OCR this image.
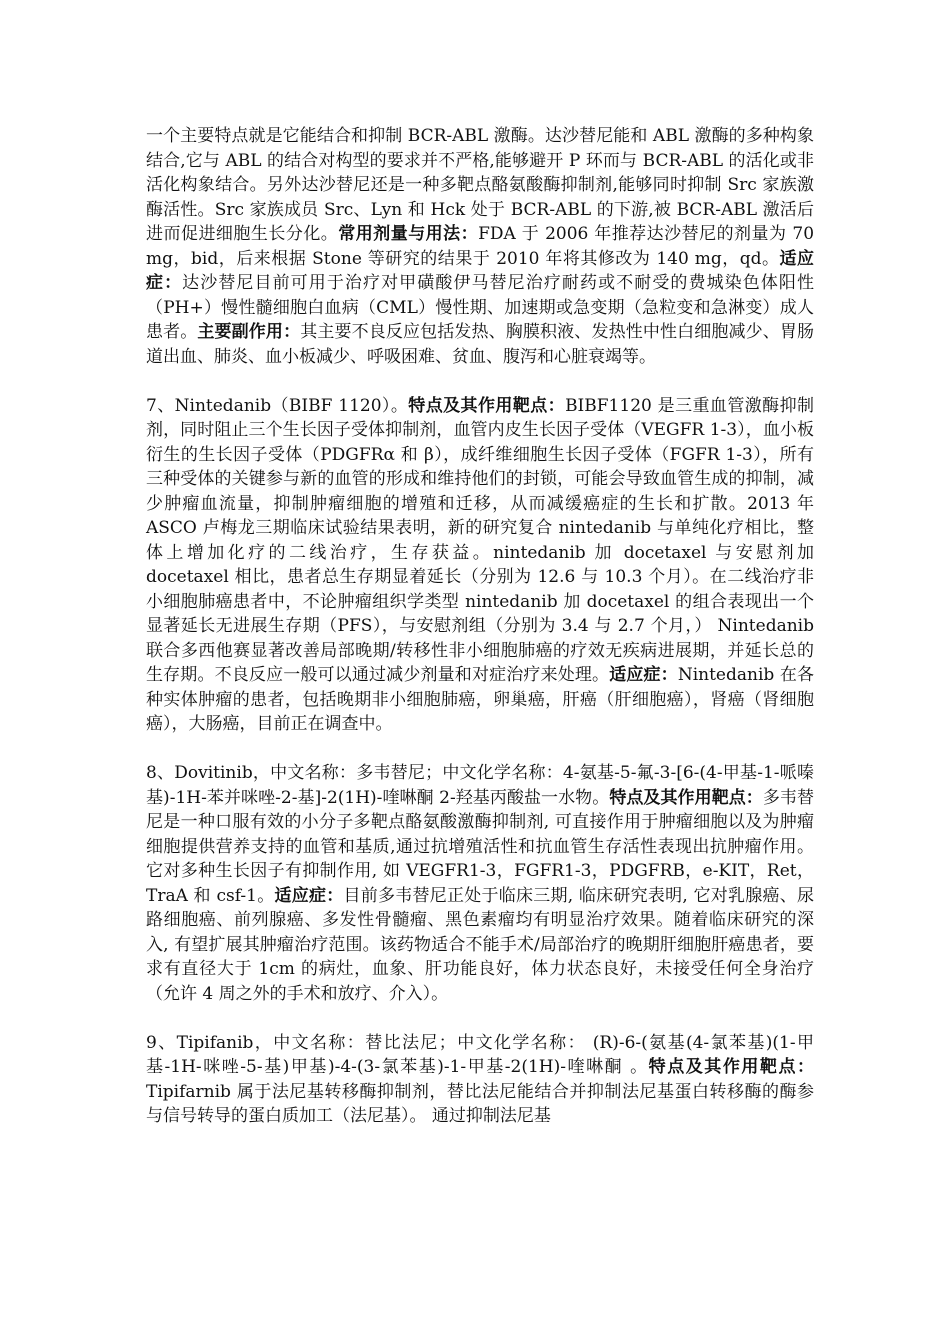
一个主要特点就是它能结合和抑制 BCR-ABL 激酶。达沙替尼能和 ABL 激酶的多种构象结合,它与 ABL 的结合对构型的要求并不严格,能够避开 P 环而与 BCR-ABL 的活化或非活化构象结合。另外达沙替尼还是一种多靶点酪氨酸酶抑制剂,能够同时抑制 Src 家族激酶活性。Src 家族成员 Src、Lyn 和 Hck 处于 BCR-ABL 的下游,被 BCR-ABL 激活后进而促进细胞生长分化。常用剂量与用法：FDA 于 2006 年推荐达沙替尼的剂量为 70 mg，bid，后来根据 Stone 等研究的结果于 2010 年将其修改为 140 mg，qd。适应症：达沙替尼目前可用于治疗对甲磺酸伊马替尼治疗耐药或不耐受的费城染色体阳性（PH+）慢性髓细胞白血病（CML）慢性期、加速期或急变期（急粒变和急淋变）成人患者。主要副作用：其主要不良反应包括发热、胸膜积液、发热性中性白细胞减少、胃肠道出血、肺炎、血小板减少、呼吸困难、贫血、腹泻和心脏衰竭等。

7、Nintedanib（BIBF 1120）。特点及其作用靶点：BIBF1120 是三重血管激酶抑制剂，同时阻止三个生长因子受体抑制剂，血管内皮生长因子受体（VEGFR 1-3），血小板衍生的生长因子受体（PDGFRα 和 β），成纤维细胞生长因子受体（FGFR 1-3），所有三种受体的关键参与新的血管的形成和维持他们的封锁，可能会导致血管生成的抑制，减少肿瘤血流量，抑制肿瘤细胞的增殖和迁移，从而减缓癌症的生长和扩散。2013 年 ASCO 卢梅龙三期临床试验结果表明，新的研究复合 nintedanib 与单纯化疗相比，整体上增加化疗的二线治疗，生存获益。nintedanib 加 docetaxel 与安慰剂加 docetaxel 相比，患者总生存期显着延长（分别为 12.6 与 10.3 个月）。在二线治疗非小细胞肺癌患者中，不论肿瘤组织学类型 nintedanib 加 docetaxel 的组合表现出一个显著延长无进展生存期（PFS），与安慰剂组（分别为 3.4 与 2.7 个月，） Nintedanib 联合多西他赛显著改善局部晚期/转移性非小细胞肺癌的疗效无疾病进展期，并延长总的生存期。不良反应一般可以通过减少剂量和对症治疗来处理。适应症：Nintedanib 在各种实体肿瘤的患者，包括晚期非小细胞肺癌，卵巢癌，肝癌（肝细胞癌），肾癌（肾细胞癌），大肠癌，目前正在调查中。

8、Dovitinib，中文名称：多韦替尼；中文化学名称：4-氨基-5-氟-3-[6-(4-甲基-1-哌嗪基)-1H-苯并咪唑-2-基]-2(1H)-喹啉酮 2-羟基丙酸盐一水物。特点及其作用靶点：多韦替尼是一种口服有效的小分子多靶点酪氨酸激酶抑制剂, 可直接作用于肿瘤细胞以及为肿瘤细胞提供营养支持的血管和基质,通过抗增殖活性和抗血管生存活性表现出抗肿瘤作用。 它对多种生长因子有抑制作用, 如 VEGFR1-3，FGFR1-3，PDGFRB，e-KIT，Ret，TraA 和 csf-1。适应症：目前多韦替尼正处于临床三期, 临床研究表明, 它对乳腺癌、尿路细胞癌、前列腺癌、多发性骨髓瘤、黑色素瘤均有明显治疗效果。随着临床研究的深入, 有望扩展其肿瘤治疗范围。该药物适合不能手术/局部治疗的晚期肝细胞肝癌患者，要求有直径大于 1cm 的病灶，血象、肝功能良好，体力状态良好，未接受任何全身治疗（允许 4 周之外的手术和放疗、介入）。

9、Tipifanib，中文名称：替比法尼；中文化学名称： (R)-6-(氨基(4-氯苯基)(1-甲基-1H-咪唑-5-基)甲基)-4-(3-氯苯基)-1-甲基-2(1H)-喹啉酮 。特点及其作用靶点： Tipifarnib 属于法尼基转移酶抑制剂，替比法尼能结合并抑制法尼基蛋白转移酶的酶参与信号转导的蛋白质加工（法尼基）。 通过抑制法尼基
